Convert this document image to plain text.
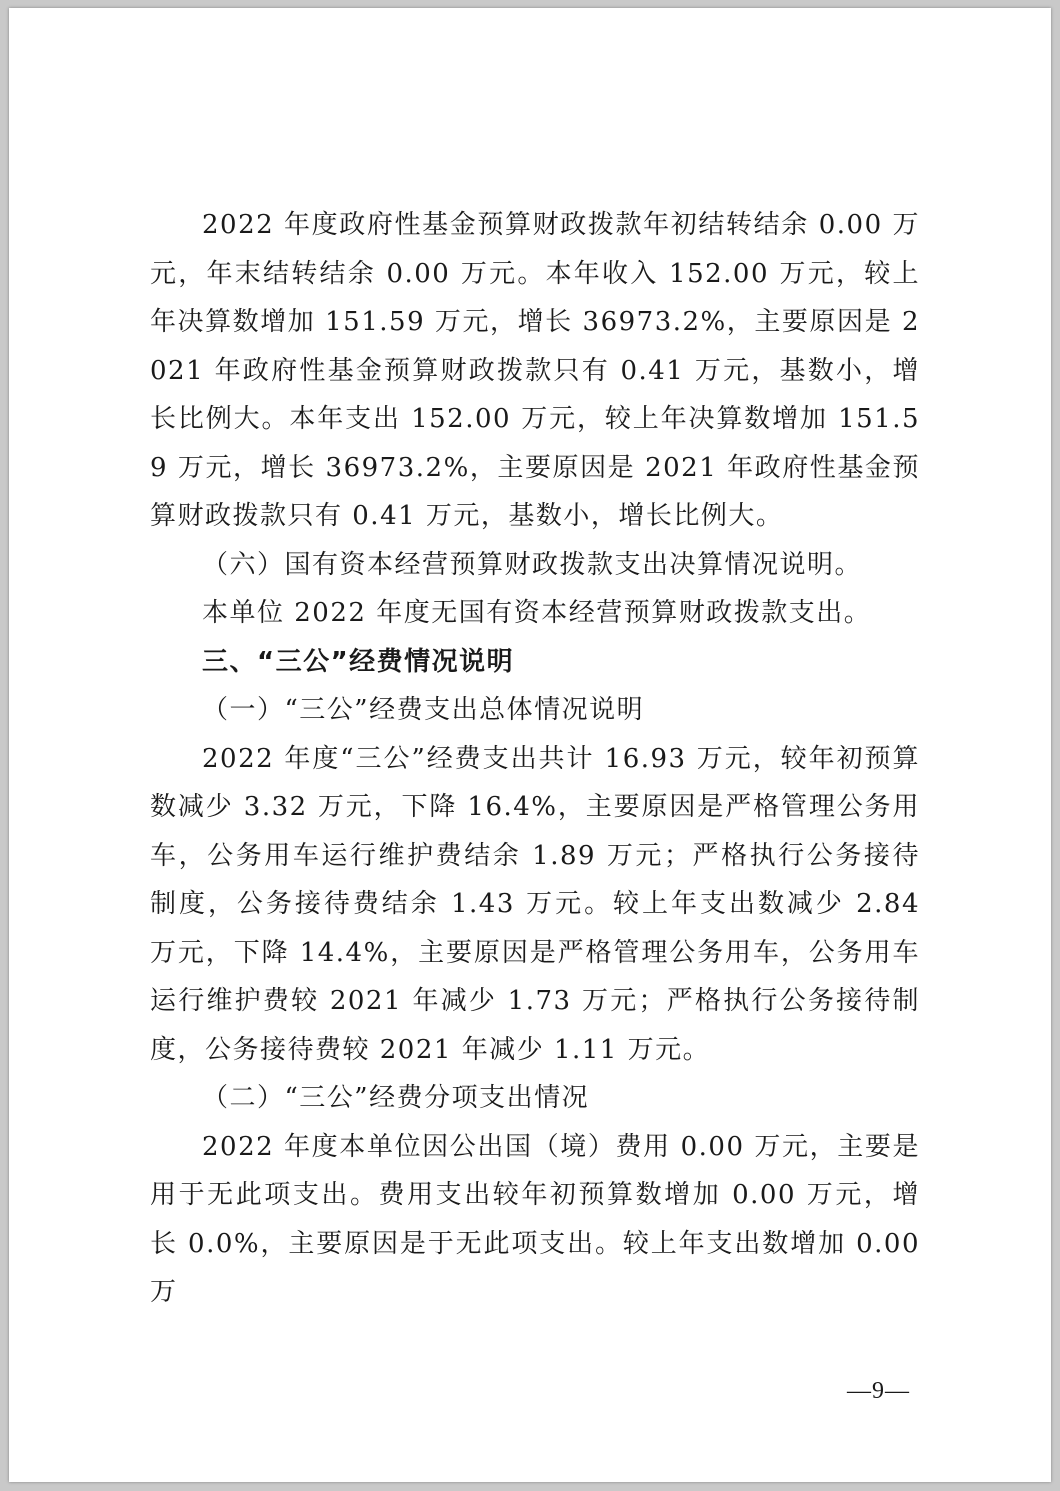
2022 年度政府性基金预算财政拨款年初结转结余 0.00 万元，年末结转结余 0.00 万元。本年收入 152.00 万元，较上年决算数增加 151.59 万元，增长 36973.2%，主要原因是 2021 年政府性基金预算财政拨款只有 0.41 万元，基数小，增长比例大。本年支出 152.00 万元，较上年决算数增加 151.59 万元，增长 36973.2%，主要原因是 2021 年政府性基金预算财政拨款只有 0.41 万元，基数小，增长比例大。

（六）国有资本经营预算财政拨款支出决算情况说明。

本单位 2022 年度无国有资本经营预算财政拨款支出。

三、“三公”经费情况说明

（一）“三公”经费支出总体情况说明

2022 年度“三公”经费支出共计 16.93 万元，较年初预算数减少 3.32 万元，下降 16.4%，主要原因是严格管理公务用车，公务用车运行维护费结余 1.89 万元；严格执行公务接待制度，公务接待费结余 1.43 万元。较上年支出数减少 2.84 万元，下降 14.4%，主要原因是严格管理公务用车，公务用车运行维护费较 2021 年减少 1.73 万元；严格执行公务接待制度，公务接待费较 2021 年减少 1.11 万元。

（二）“三公”经费分项支出情况

2022 年度本单位因公出国（境）费用 0.00 万元，主要是用于无此项支出。费用支出较年初预算数增加 0.00 万元，增长 0.0%，主要原因是于无此项支出。较上年支出数增加 0.00 万

—9—
